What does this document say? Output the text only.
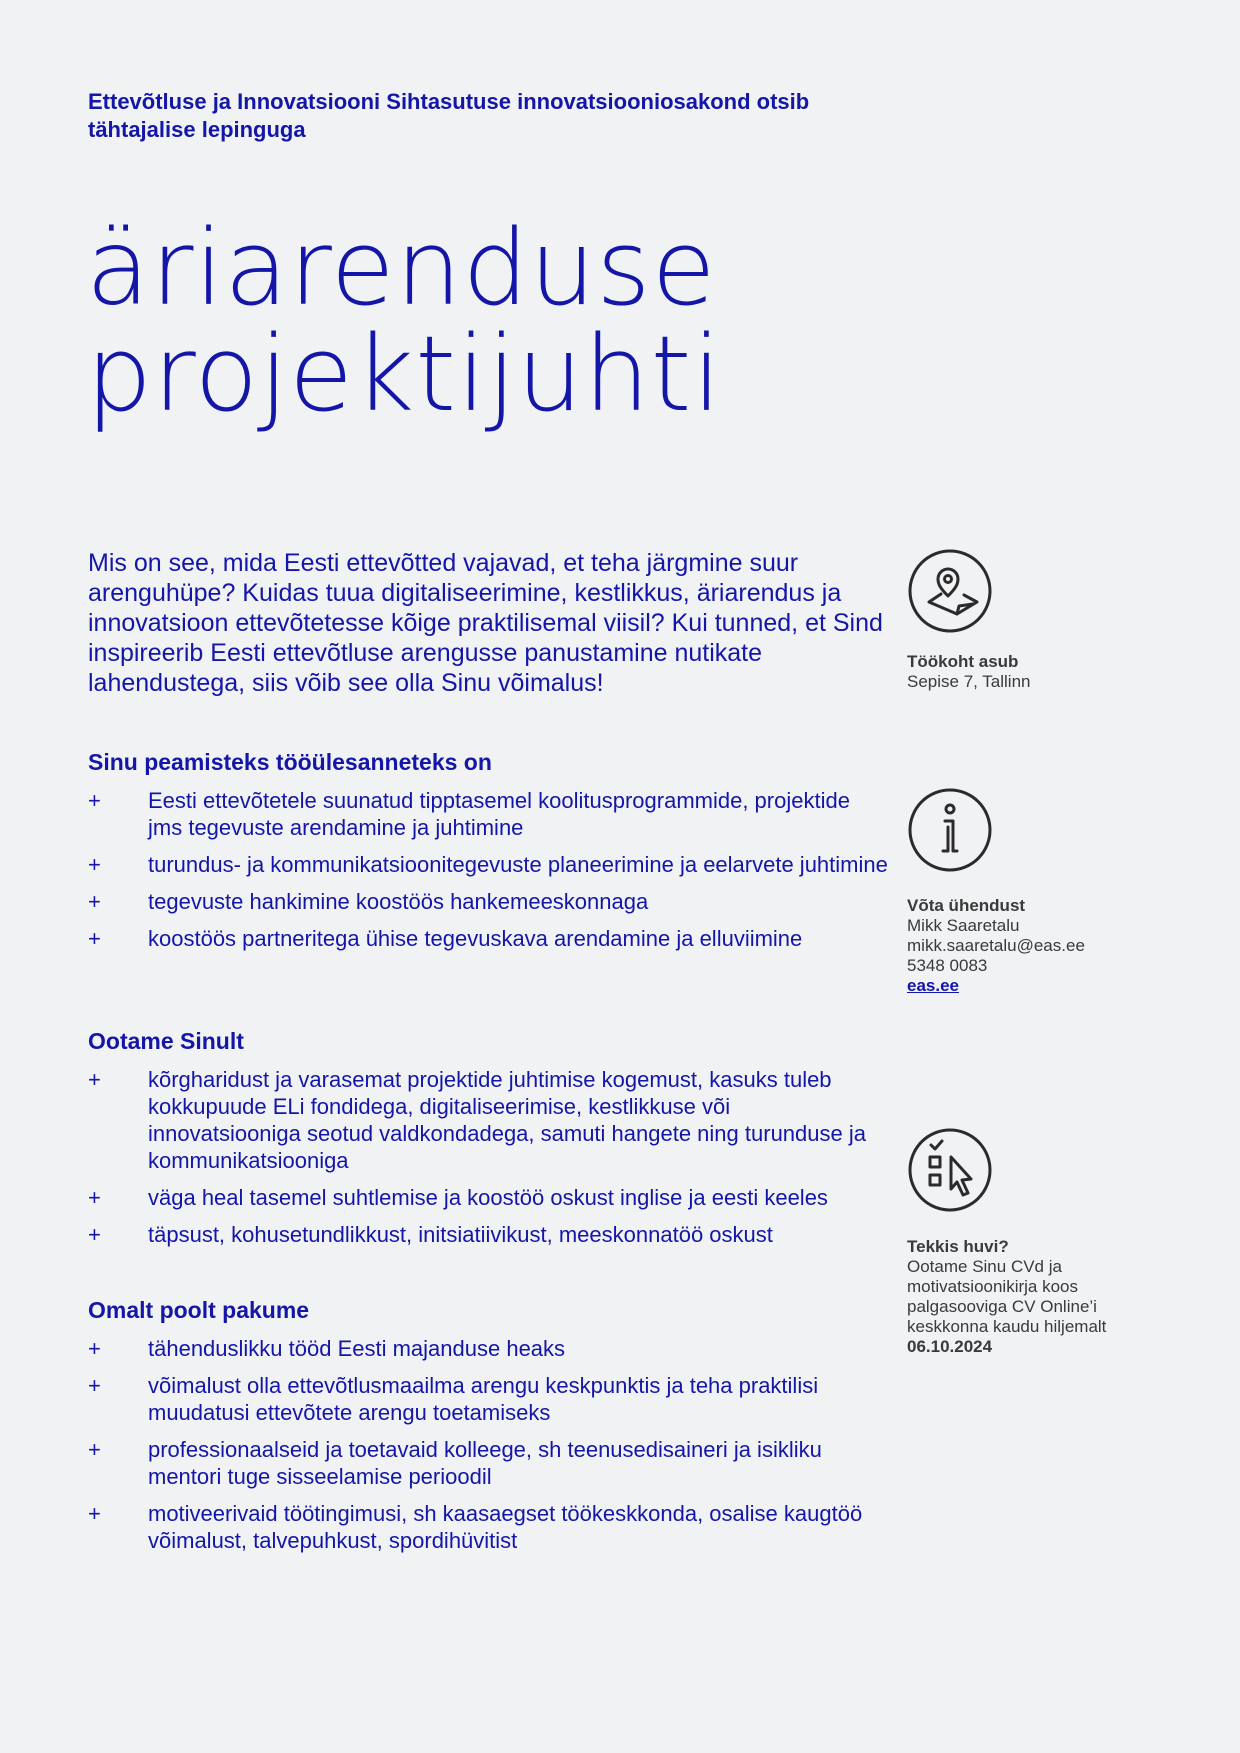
Ettevõtluse ja Innovatsiooni Sihtasutuse innovatsiooniosakond otsib tähtajalise lepinguga
äriarenduse
projektijuhti

Mis on see, mida Eesti ettevõtted vajavad, et teha järgmine suur arenguhüpe? Kuidas tuua digitaliseerimine, kestlikkus, äriarendus ja innovatsioon ettevõtetesse kõige praktilisemal viisil? Kui tunned, et Sind inspireerib Eesti ettevõtluse arengusse panustamine nutikate lahendustega, siis võib see olla Sinu võimalus!

Sinu peamisteks tööülesanneteks on
+ Eesti ettevõtetele suunatud tipptasemel koolitusprogrammide, projektide jms tegevuste arendamine ja juhtimine
+ turundus- ja kommunikatsioonitegevuste planeerimine ja eelarvete juhtimine
+ tegevuste hankimine koostöös hankemeeskonnaga
+ koostöös partneritega ühise tegevuskava arendamine ja elluviimine
Ootame Sinult
+ kõrgharidust ja varasemat projektide juhtimise kogemust, kasuks tuleb kokkupuude ELi fondidega, digitaliseerimise, kestlikkuse või innovatsiooniga seotud valdkondadega, samuti hangete ning turunduse ja kommunikatsiooniga
+ väga heal tasemel suhtlemise ja koostöö oskust inglise ja eesti keeles
+ täpsust, kohusetundlikkust, initsiatiivikust, meeskonnatöö oskust
Omalt poolt pakume
+ tähenduslikku tööd Eesti majanduse heaks
+ võimalust olla ettevõtlusmaailma arengu keskpunktis ja teha praktilisi muudatusi ettevõtete arengu toetamiseks
+ professionaalseid ja toetavaid kolleege, sh teenusedisaineri ja isikliku mentori tuge sisseelamise perioodil
+ motiveerivaid töötingimusi, sh kaasaegset töökeskkonda, osalise kaugtöö võimalust, talvepuhkust, spordihüvitist
Töökoht asub
Sepise 7, Tallinn
Võta ühendust
Mikk Saaretalu
mikk.saaretalu@eas.ee
5348 0083
eas.ee
Tekkis huvi?
Ootame Sinu CVd ja motivatsioonikirja koos palgasooviga CV Online’i keskkonna kaudu hiljemalt
06.10.2024
